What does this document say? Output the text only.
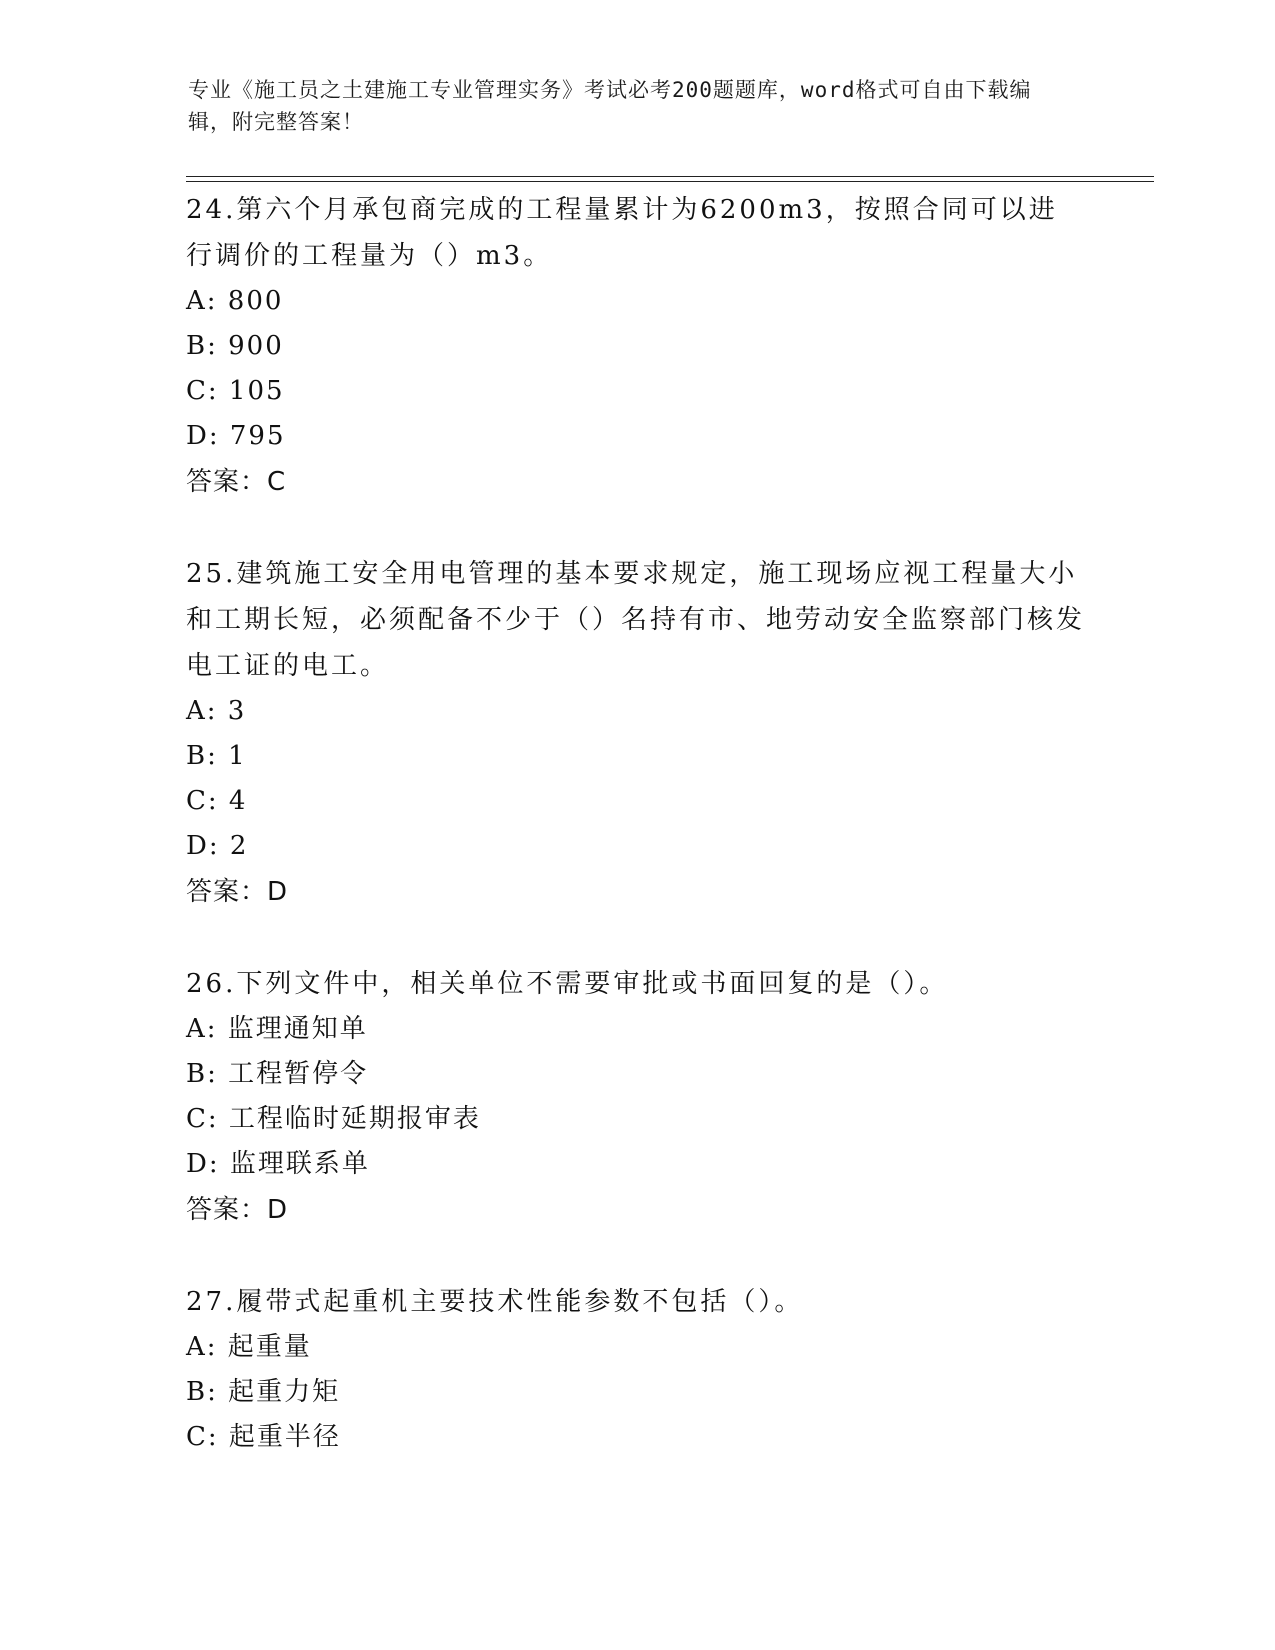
专业《施工员之土建施工专业管理实务》考试必考200题题库，word格式可自由下载编辑，附完整答案！

24.第六个月承包商完成的工程量累计为6200m3，按照合同可以进行调价的工程量为（）m3。

A: 800

B: 900

C: 105

D: 795

答案：C

25.建筑施工安全用电管理的基本要求规定，施工现场应视工程量大小和工期长短，必须配备不少于（）名持有市、地劳动安全监察部门核发电工证的电工。

A: 3

B: 1

C: 4

D: 2

答案：D

26.下列文件中，相关单位不需要审批或书面回复的是（）。

A: 监理通知单

B: 工程暂停令

C: 工程临时延期报审表

D: 监理联系单

答案：D

27.履带式起重机主要技术性能参数不包括（）。

A: 起重量

B: 起重力矩

C: 起重半径
